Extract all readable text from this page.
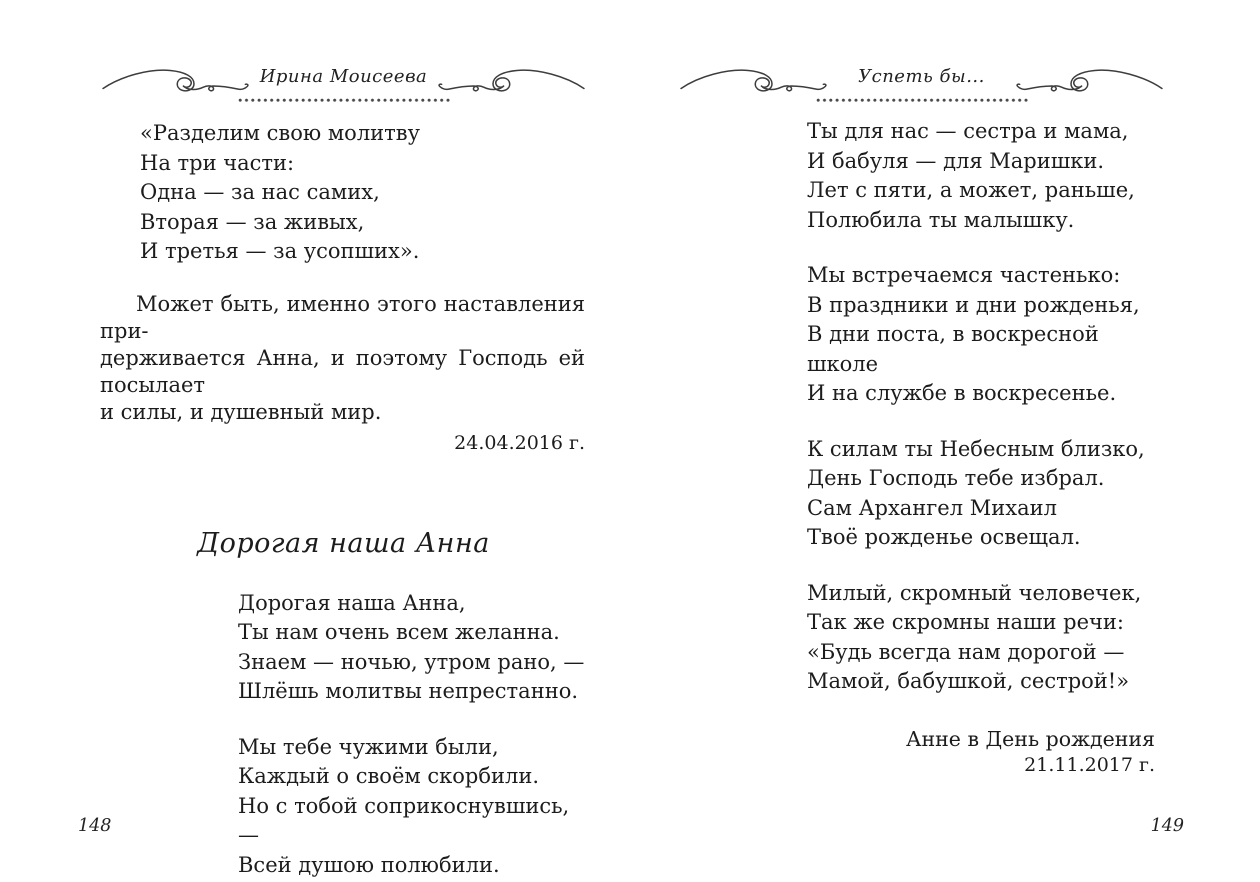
Ирина Моисеева
«Разделим свою молитву
На три части:
Одна — за нас самих,
Вторая — за живых,
И третья — за усопших».
Может быть, именно этого наставления при-
держивается Анна, и поэтому Господь ей посылает
и силы, и душевный мир.
24.04.2016 г.
Дорогая наша Анна
Дорогая наша Анна,
Ты нам очень всем желанна.
Знаем — ночью, утром рано, —
Шлёшь молитвы непрестанно.
Мы тебе чужими были,
Каждый о своём скорбили.
Но с тобой соприкоснувшись, —
Всей душою полюбили.
Успеть бы...
Ты для нас — сестра и мама,
И бабуля — для Маришки.
Лет с пяти, а может, раньше,
Полюбила ты малышку.
Мы встречаемся частенько:
В праздники и дни рожденья,
В дни поста, в воскресной школе
И на службе в воскресенье.
К силам ты Небесным близко,
День Господь тебе избрал.
Сам Архангел Михаил
Твоё рожденье освещал.
Милый, скромный человечек,
Так же скромны наши речи:
«Будь всегда нам дорогой —
Мамой, бабушкой, сестрой!»
Анне в День рождения
21.11.2017 г.
148	149
